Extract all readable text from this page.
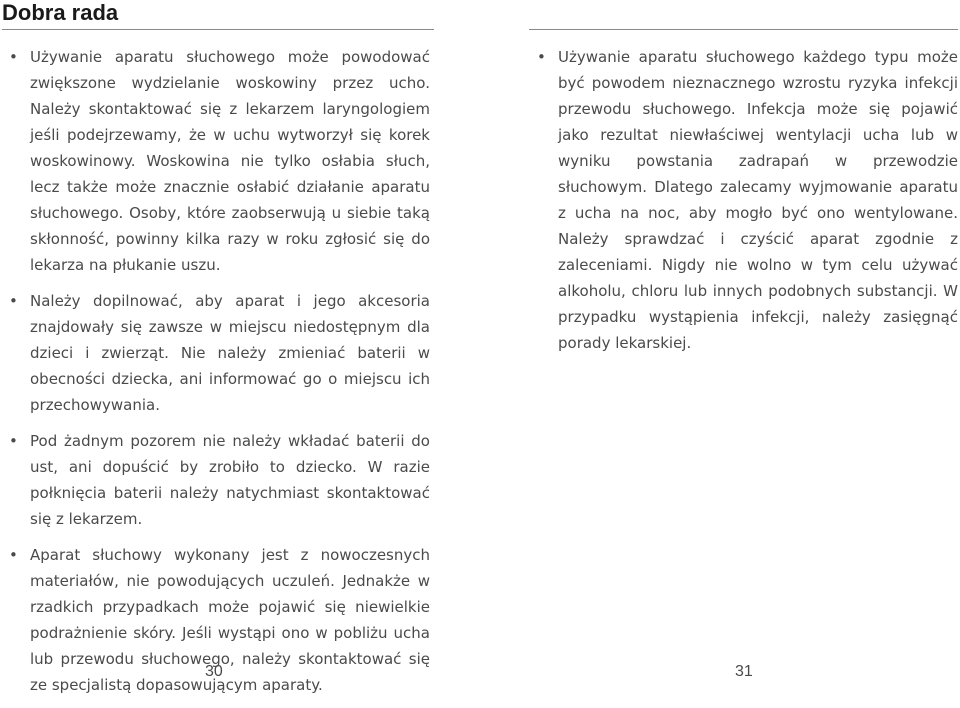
Dobra rada
• Używanie aparatu słuchowego może powodować zwiększone wydzielanie woskowiny przez ucho. Należy skontaktować się z lekarzem laryngologiem jeśli podejrzewamy, że w uchu wytworzył się korek woskowinowy. Woskowina nie tylko osłabia słuch, lecz także może znacznie osłabić działanie aparatu słuchowego. Osoby, które zaobserwują u siebie taką skłonność, powinny kilka razy w roku zgłosić się do lekarza na płukanie uszu.
• Należy dopilnować, aby aparat i jego akcesoria znajdowały się zawsze w miejscu niedostępnym dla dzieci i zwierząt. Nie należy zmieniać baterii w obecności dziecka, ani informować go o miejscu ich przechowywania.
• Pod żadnym pozorem nie należy wkładać baterii do ust, ani dopuścić by zrobiło to dziecko. W razie połknięcia baterii należy natychmiast skontaktować się z lekarzem.
• Aparat słuchowy wykonany jest z nowoczesnych materiałów, nie powodujących uczuleń. Jednakże w rzadkich przypadkach może pojawić się niewielkie podrażnienie skóry. Jeśli wystąpi ono w pobliżu ucha lub przewodu słuchowego, należy skontaktować się ze specjalistą dopasowującym aparaty.
• Używanie aparatu słuchowego każdego typu może być powodem nieznacznego wzrostu ryzyka infekcji przewodu słuchowego. Infekcja może się pojawić jako rezultat niewłaściwej wentylacji ucha lub w wyniku powstania zadrapań w przewodzie słuchowym. Dlatego zalecamy wyjmowanie aparatu z ucha na noc, aby mogło być ono wentylowane. Należy sprawdzać i czyścić aparat zgodnie z zaleceniami. Nigdy nie wolno w tym celu używać alkoholu, chloru lub innych podobnych substancji. W przypadku wystąpienia infekcji, należy zasięgnąć porady lekarskiej.
30	31
